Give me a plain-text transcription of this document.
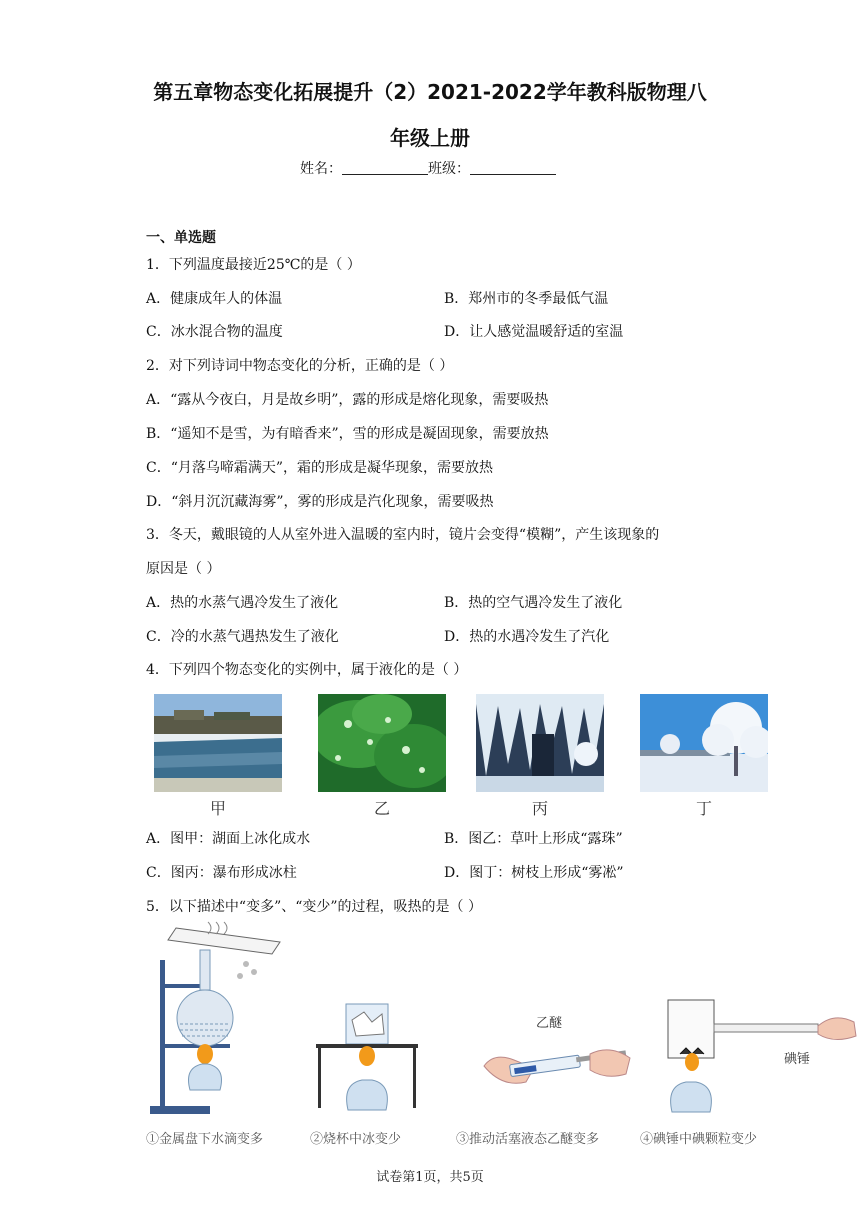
第五章物态变化拓展提升（2）2021-2022学年教科版物理八
年级上册
姓名：	班级：
一、单选题
1．下列温度最接近25℃的是（ ）
A．健康成年人的体温	B．郑州市的冬季最低气温
C．冰水混合物的温度	D．让人感觉温暖舒适的室温
2．对下列诗词中物态变化的分析，正确的是（ ）
A．“露从今夜白，月是故乡明”，露的形成是熔化现象，需要吸热
B．“遥知不是雪，为有暗香来”，雪的形成是凝固现象，需要放热
C．“月落乌啼霜满天”，霜的形成是凝华现象，需要放热
D．“斜月沉沉藏海雾”，雾的形成是汽化现象，需要吸热
3．冬天，戴眼镜的人从室外进入温暖的室内时，镜片会变得“模糊”，产生该现象的
原因是（ ）
A．热的水蒸气遇冷发生了液化	B．热的空气遇冷发生了液化
C．冷的水蒸气遇热发生了液化	D．热的水遇冷发生了汽化
4．下列四个物态变化的实例中，属于液化的是（ ）
甲	乙	丙	丁
A．图甲：湖面上冰化成水	B．图乙：草叶上形成“露珠”
C．图丙：瀑布形成冰柱	D．图丁：树枝上形成“雾凇”
5．以下描述中“变多”、“变少”的过程，吸热的是（ ）
乙醚
碘锤
①金属盘下水滴变多	②烧杯中冰变少	③推动活塞液态乙醚变多	④碘锤中碘颗粒变少
试卷第1页，共5页
